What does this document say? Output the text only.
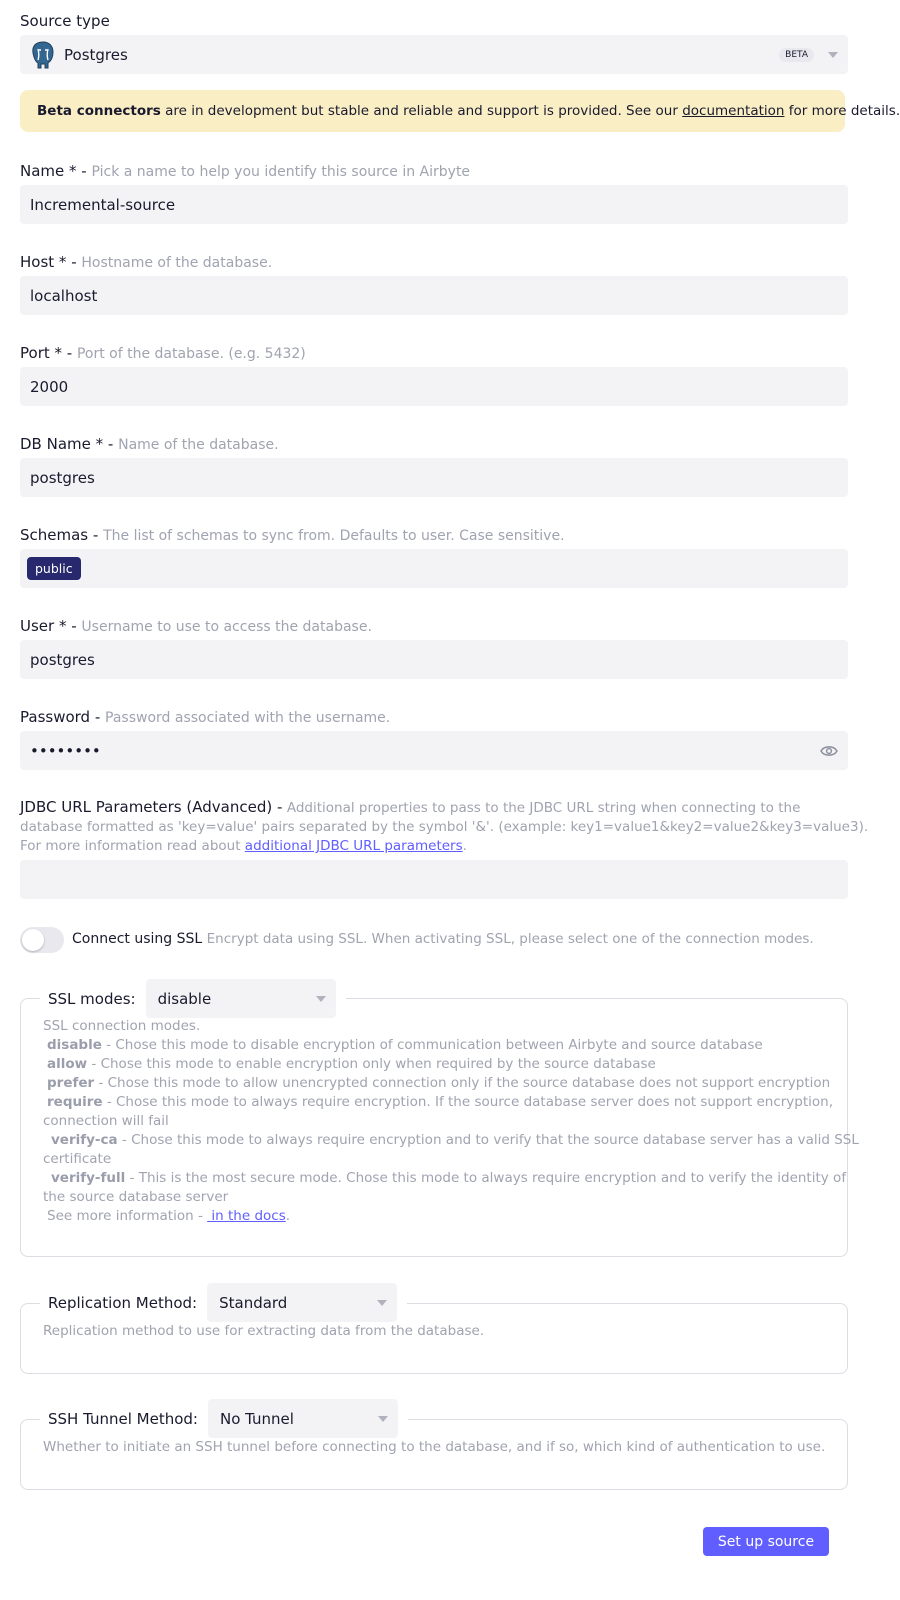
Source type
Postgres	BETA
Beta connectors are in development but stable and reliable and support is provided. See our documentation for more details.
Name * - Pick a name to help you identify this source in Airbyte
Incremental-source
Host * - Hostname of the database.
localhost
Port * - Port of the database. (e.g. 5432)
2000
DB Name * - Name of the database.
postgres
Schemas - The list of schemas to sync from. Defaults to user. Case sensitive.
public
User * - Username to use to access the database.
postgres
Password - Password associated with the username.
••••••••
JDBC URL Parameters (Advanced) - Additional properties to pass to the JDBC URL string when connecting to the
database formatted as 'key=value' pairs separated by the symbol '&'. (example: key1=value1&key2=value2&key3=value3).
For more information read about additional JDBC URL parameters.
Connect using SSL Encrypt data using SSL. When activating SSL, please select one of the connection modes.
SSL modes: disable
SSL connection modes.
disable - Chose this mode to disable encryption of communication between Airbyte and source database
allow - Chose this mode to enable encryption only when required by the source database
prefer - Chose this mode to allow unencrypted connection only if the source database does not support encryption
require - Chose this mode to always require encryption. If the source database server does not support encryption,
connection will fail
verify-ca - Chose this mode to always require encryption and to verify that the source database server has a valid SSL
certificate
verify-full - This is the most secure mode. Chose this mode to always require encryption and to verify the identity of
the source database server
See more information -  in the docs.
Replication Method: Standard
Replication method to use for extracting data from the database.
SSH Tunnel Method: No Tunnel
Whether to initiate an SSH tunnel before connecting to the database, and if so, which kind of authentication to use.
Set up source
